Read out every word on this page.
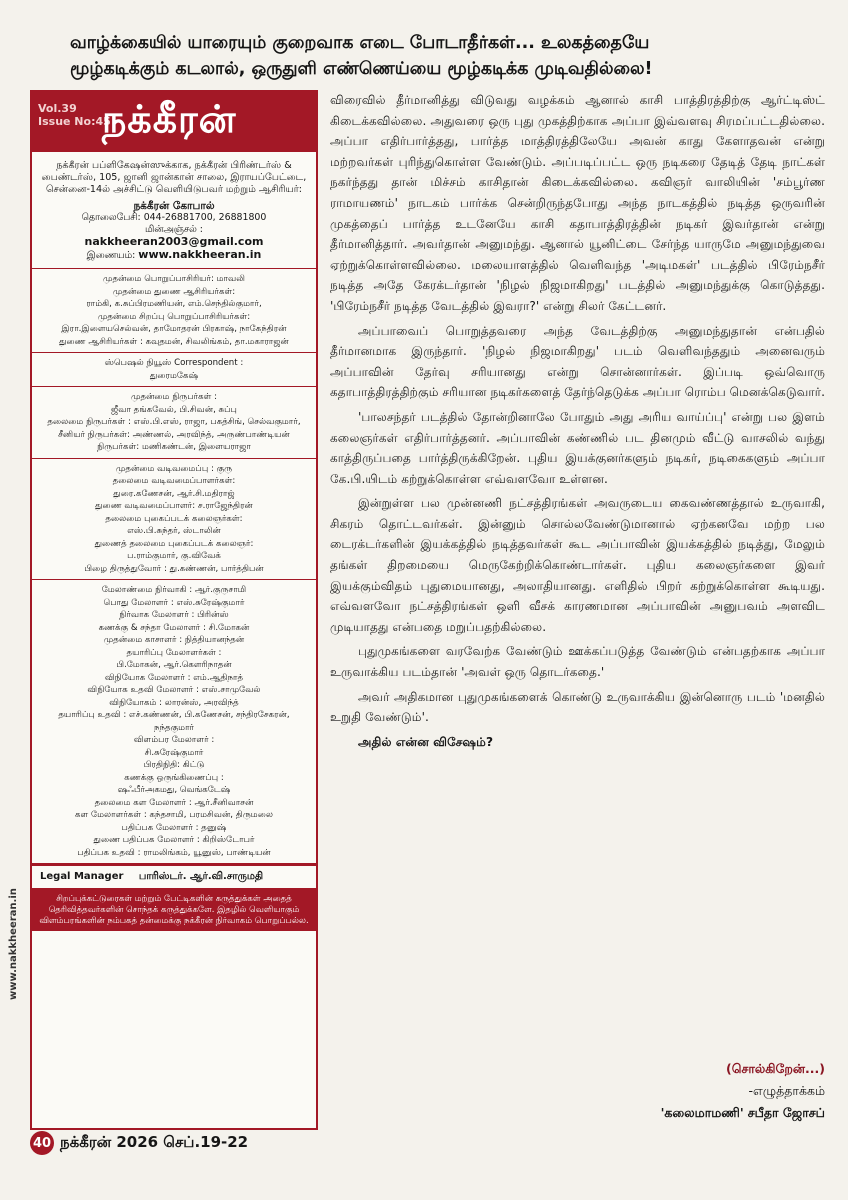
வாழ்க்கையில் யாரையும் குறைவாக எடை போடாதீர்கள்... உலகத்தையே
மூழ்கடிக்கும் கடலால், ஒருதுளி எண்ணெய்யை மூழ்கடிக்க முடிவதில்லை!
Vol.39
Issue No:45
நக்கீரன்
நக்கீரன் பப்ளிகேஷன்ஸுக்காக, நக்கீரன் பிரிண்டர்ஸ் & பைண்டர்ஸ், 105, ஜானி ஜான்கான் சாலை, இராயப்பேட்டை, சென்னை-14ல் அச்சிட்டு வெளியிடுபவர் மற்றும் ஆசிரியர்:
நக்கீரன் கோபால்
தொலைபேசி: 044-26881700, 26881800
மின்அஞ்சல் :
nakkheeran2003@gmail.com
இணையம்: www.nakkheeran.in
முதன்மை பொறுப்பாசிரியர்: மாவலி
முதன்மை துணை ஆசிரியர்கள்:
ராம்கி, க.சுப்பிரமணியன், எம்.செந்தில்குமார்,
முதன்மை சிறப்பு பொறுப்பாசிரியர்கள்:
இரா.இளையசெல்வன், தாமோதரன் பிரகாஷ், நாகேந்திரன்
துணை ஆசிரியர்கள் : கவுதமன், சிவலிங்கம், தா.மகாராஜன்
ஸ்பெஷல் நியூஸ் Correspondent :
துரைமகேஷ்
முதன்மை நிருபர்கள் :
ஜீவா தங்கவேல், பி.சிவன், சுப்பு
தலைமை நிருபர்கள் : எஸ்.பி.எஸ், ராஜா, பகத்சிங், செல்வகுமார்,
சீனியர் நிருபர்கள்: அண்ணல், அரவிந்த், அருண்பாண்டியன்
நிருபர்கள்: மணிகண்டன், இளையராஜா
முதன்மை வடிவமைப்பு : குரு
தலைமை வடிவமைப்பாளர்கள்:
துரை.கணேசன், ஆர்.சி.மதிராஜ்
துணை வடிவமைப்பாளர்: ச.ராஜேந்திரன்
தலைமை புகைப்படக் கலைஞர்கள்:
எஸ்.பி.சுந்தர், ஸ்டாலின்
துணைத் தலைமை புகைப்படக் கலைஞர்:
ப.ராம்குமார், கு.விவேக்
பிழை திருத்துவோர் : து.கண்ணன், பார்த்திபன்
மேலாண்மை நிர்வாகி : ஆர்.குருசாமி
பொது மேலாளர் : எஸ்.சுரேஷ்குமார்
நிர்வாக மேலாளர் : பிரின்ஸ்
கணக்கு & சந்தா மேலாளர் : சி.மோகன்
முதன்மை காசாளர் : நித்தியானந்தன்
தயாரிப்பு மேலாளர்கள் :
பி.மோகன், ஆர்.கௌரிநாதன்
விநியோக மேலாளர் : எம்.ஆதிநாத்
விநியோக உதவி மேலாளர் : எஸ்.சாமுவேல்
விநியோகம் : லாரன்ஸ், அரவிந்த்
தயாரிப்பு உதவி : எச்.கண்ணன், பி.கணேசன், சந்திரசேகரன், நந்தகுமார்
விளம்பர மேலாளர் :
சி.சுரேஷ்குமார்
பிரதிநிதி: கிட்டு
கணக்கு ஒருங்கிணைப்பு :
ஷஃபீர்அகமது, வெங்கடேஷ்
தலைமை கள மேலாளர் : ஆர்.சீனிவாசன்
கள மேலாளர்கள் : கந்தசாமி, பரமசிவன், திருமலை
பதிப்பக மேலாளர் : தனுஷ்
துணை பதிப்பக மேலாளர் : கிறிஸ்டோபர்
பதிப்பக உதவி : ராமலிங்கம், யூனுஸ், பாண்டியன்
Legal Manager பாரிஸ்டர். ஆர்.வி.சாருமதி
சிறப்புக்கட்டுரைகள் மற்றும் பேட்டிகளின் கருத்துக்கள் அதைத் தெரிவித்தவர்களின் சொந்தக் கருத்துக்களே. இதழில் வெளியாகும் விளம்பரங்களின் நம்பகத் தன்மைக்கு நக்கீரன் நிர்வாகம் பொறுப்பல்ல.
www.nakkheeran.in
40 நக்கீரன் 2026 செப்.19-22

விரைவில் தீர்மானித்து விடுவது வழக்கம் ஆனால் காசி பாத்திரத்திற்கு ஆர்ட்டிஸ்ட் கிடைக்கவில்லை. அதுவரை ஒரு புது முகத்திற்காக அப்பா இவ்வளவு சிரமப்பட்டதில்லை. அப்பா எதிர்பார்த்தது, பார்த்த மாத்திரத்திலேயே அவன் காது கேளாதவன் என்று மற்றவர்கள் புரிந்துகொள்ள வேண்டும். அப்படிப்பட்ட ஒரு நடிகரை தேடித் தேடி நாட்கள் நகர்ந்தது தான் மிச்சம் காசிதான் கிடைக்கவில்லை. கவிஞர் வாலியின் 'சம்பூர்ண ராமாயணம்' நாடகம் பார்க்க சென்றிருந்தபோது அந்த நாடகத்தில் நடித்த ஒருவரின் முகத்தைப் பார்த்த உடனேயே காசி கதாபாத்திரத்தின் நடிகர் இவர்தான் என்று தீர்மானித்தார். அவர்தான் அனுமந்து. ஆனால் யூனிட்டை சேர்ந்த யாருமே அனுமந்துவை ஏற்றுக்கொள்ளவில்லை. மலையாளத்தில் வெளிவந்த 'அடிமகள்' படத்தில் பிரேம்நசீர் நடித்த அதே கேரக்டர்தான் 'நிழல் நிஜமாகிறது' படத்தில் அனுமந்துக்கு கொடுத்தது. 'பிரேம்நசீர் நடித்த வேடத்தில் இவரா?' என்று சிலர் கேட்டனர்.

அப்பாவைப் பொறுத்தவரை அந்த வேடத்திற்கு அனுமந்துதான் என்பதில் தீர்மானமாக இருந்தார். 'நிழல் நிஜமாகிறது' படம் வெளிவந்ததும் அனைவரும் அப்பாவின் தேர்வு சரியானது என்று சொன்னார்கள். இப்படி ஒவ்வொரு கதாபாத்திரத்திற்கும் சரியான நடிகர்களைத் தேர்ந்தெடுக்க அப்பா ரொம்ப மெனக்கெடுவார்.

'பாலசந்தர் படத்தில் தோன்றினாலே போதும் அது அரிய வாய்ப்பு' என்று பல இளம் கலைஞர்கள் எதிர்பார்த்தனர். அப்பாவின் கண்ணில் பட தினமும் வீட்டு வாசலில் வந்து காத்திருப்பதை பார்த்திருக்கிறேன். புதிய இயக்குனர்களும் நடிகர், நடிகைகளும் அப்பா கே.பி.யிடம் கற்றுக்கொள்ள எவ்வளவோ உள்ளன.

இன்றுள்ள பல முன்னணி நட்சத்திரங்கள் அவருடைய கைவண்ணத்தால் உருவாகி, சிகரம் தொட்டவர்கள். இன்னும் சொல்லவேண்டுமானால் ஏற்கனவே மற்ற பல டைரக்டர்களின் இயக்கத்தில் நடித்தவர்கள் கூட அப்பாவின் இயக்கத்தில் நடித்து, மேலும் தங்கள் திறமையை மெருகேற்றிக்கொண்டார்கள். புதிய கலைஞர்களை இவர் இயக்கும்விதம் புதுமையானது, அலாதியானது. எளிதில் பிறர் கற்றுக்கொள்ள கூடியது. எவ்வளவோ நட்சத்திரங்கள் ஒளி வீசக் காரணமான அப்பாவின் அனுபவம் அளவிட முடியாதது என்பதை மறுப்பதற்கில்லை.

புதுமுகங்களை வரவேற்க வேண்டும் ஊக்கப்படுத்த வேண்டும் என்பதற்காக அப்பா உருவாக்கிய படம்தான் 'அவள் ஒரு தொடர்கதை.'

அவர் அதிகமான புதுமுகங்களைக் கொண்டு உருவாக்கிய இன்னொரு படம் 'மனதில் உறுதி வேண்டும்'.

அதில் என்ன விசேஷம்?

(சொல்கிறேன்...)
-எழுத்தாக்கம்
'கலைமாமணி' சபீதா ஜோசப்
